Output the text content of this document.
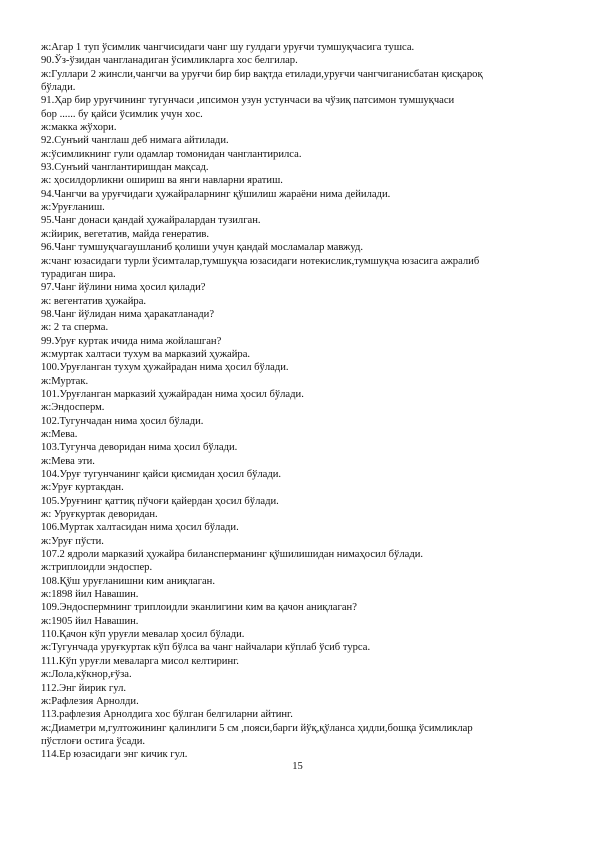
ж:Агар 1 туп ўсимлик чангчисидаги чанг шу гулдаги уруғчи тумшуқчасига тушса.
90.Ўз-ўзидан чангланадиган ўсимликларга хос белгилар.
ж:Гуллари 2 жинсли,чангчи ва уруғчи бир бир вақтда етилади,уруғчи чангчиганисбатан қисқароқ
бўлади.
91.Ҳар бир уруғчининг тугунчаси ,ипсимон узун устунчаси ва чўзиқ патсимон тумшуқчаси
бор ...... бу қайси ўсимлик учун хос.
ж:макка жўхори.
92.Сунъий чанглаш деб нимага айтилади.
ж:ўсимликнинг гули одамлар томонидан чанглантирилса.
93.Сунъий чанглантиришдан мақсад.
ж: ҳосилдорликни ошириш ва янги навларни яратиш.
94.Чангчи ва уруғчидаги ҳужайраларнинг қўшилиш жараёни нима дейилади.
ж:Уруғланиш.
95.Чанг донаси қандай ҳужайралардан тузилган.
ж:йирик, вегетатив, майда генератив.
96.Чанг тумшуқчагаушланиб қолиши учун қандай мосламалар мавжуд.
ж:чанг юзасидаги турли ўсимталар,тумшуқча юзасидаги нотекислик,тумшуқча юзасига ажралиб
турадиган шира.
97.Чанг йўлини нима ҳосил қилади?
ж: вегентатив ҳужайра.
98.Чанг йўлидан нима ҳаракатланади?
ж: 2 та сперма.
99.Уруғ куртак ичида нима жойлашган?
ж:муртак халтаси тухум ва марказий ҳужайра.
100.Уруғланган тухум ҳужайрадан нима ҳосил бўлади.
ж:Муртак.
101.Уруғланган марказий ҳужайрадан нима ҳосил бўлади.
ж:Эндосперм.
102.Тугунчадан нима ҳосил бўлади.
ж:Мева.
103.Тугунча деворидан нима ҳосил бўлади.
ж:Мева эти.
104.Уруғ тугунчанинг қайси қисмидан ҳосил бўлади.
ж:Уруғ куртакдан.
105.Уруғнинг қаттиқ пўчоғи қайердан ҳосил бўлади.
ж: Уруғкуртак деворидан.
106.Муртак халтасидан нима ҳосил бўлади.
ж:Уруғ пўсти.
107.2 ядроли марказий ҳужайра билансперманинг қўшилишидан нимаҳосил бўлади.
ж:триплоидли эндоспер.
108.Қўш уруғланишни ким аниқлаган.
ж:1898 йил Навашин.
109.Эндоспермнинг триплоидли эканлигини ким ва қачон аниқлаган?
ж:1905 йил Навашин.
110.Қачон кўп уруғли мевалар ҳосил бўлади.
ж:Тугунчада уруғкуртак кўп бўлса ва чанг найчалари кўплаб ўсиб турса.
111.Кўп уруғли меваларга мисол келтиринг.
ж:Лола,кўкнор,ғўза.
112.Энг йирик гул.
ж:Рафлезия Арнолди.
113.рафлезия Арнолдига хос бўлган белгиларни айтинг.
ж:Диаметри м,гултожининг қалинлиги 5 см ,пояси,барги йўқ,қўланса ҳидли,бошқа ўсимликлар
пўстлоғи остига ўсади.
114.Ер юзасидаги энг кичик гул.
15
